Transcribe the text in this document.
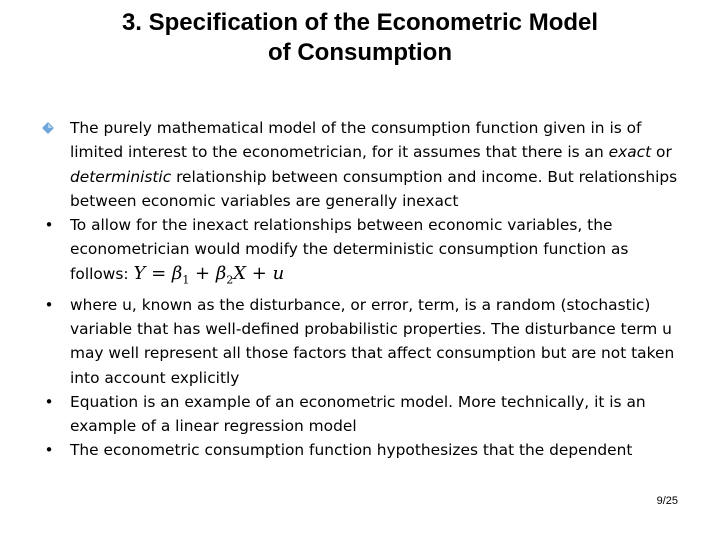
3. Specification of the Econometric Model
of Consumption
The purely mathematical model of the consumption function given in is of limited interest to the econometrician, for it assumes that there is an exact or deterministic relationship between consumption and income. But relationships between economic variables are generally inexact
• To allow for the inexact relationships between economic variables, the econometrician would modify the deterministic consumption function as follows: $Y = \beta_1 + \beta_2X + u$
• where u, known as the disturbance, or error, term, is a random (stochastic) variable that has well-defined probabilistic properties. The disturbance term u may well represent all those factors that affect consumption but are not taken into account explicitly
• Equation is an example of an econometric model. More technically, it is an example of a linear regression model
• The econometric consumption function hypothesizes that the dependent
9/25
